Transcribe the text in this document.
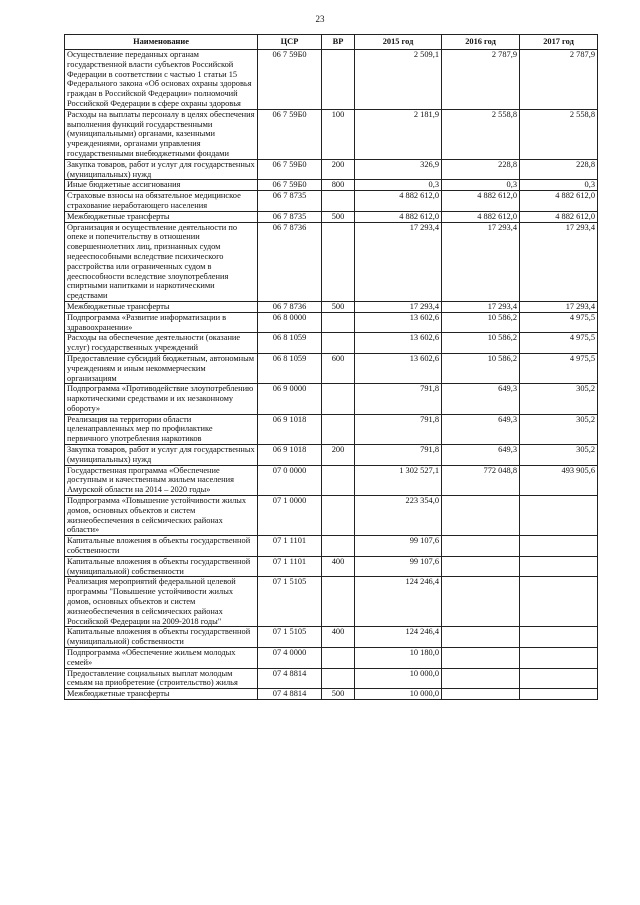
23
Наименование	ЦСР	ВР	2015 год	2016 год	2017 год
Осуществление переданных органам государственной власти субъектов Российской Федерации в соответствии с частью 1 статьи 15 Федерального закона «Об основах охраны здоровья граждан в Российской Федерации» полномочий Российской Федерации в сфере охраны здоровья	06 7 59Б0		2 509,1	2 787,9	2 787,9
Расходы на выплаты персоналу в целях обеспечения выполнения функций государственными (муниципальными) органами, казенными учреждениями, органами управления государственными внебюджетными фондами	06 7 59Б0	100	2 181,9	2 558,8	2 558,8
Закупка товаров, работ и услуг для государственных (муниципальных) нужд	06 7 59Б0	200	326,9	228,8	228,8
Иные бюджетные ассигнования	06 7 59Б0	800	0,3	0,3	0,3
Страховые взносы на обязательное медицинское страхование неработающего населения	06 7 8735		4 882 612,0	4 882 612,0	4 882 612,0
Межбюджетные трансферты	06 7 8735	500	4 882 612,0	4 882 612,0	4 882 612,0
Организация и осуществление деятельности по опеке и попечительству в отношении совершеннолетних лиц, признанных судом недееспособными вследствие психического расстройства или ограниченных судом в дееспособности вследствие злоупотребления спиртными напитками и наркотическими средствами	06 7 8736		17 293,4	17 293,4	17 293,4
Межбюджетные трансферты	06 7 8736	500	17 293,4	17 293,4	17 293,4
Подпрограмма «Развитие информатизации в здравоохранении»	06 8 0000		13 602,6	10 586,2	4 975,5
Расходы на обеспечение деятельности (оказание услуг) государственных учреждений	06 8 1059		13 602,6	10 586,2	4 975,5
Предоставление субсидий бюджетным, автономным учреждениям и иным некоммерческим организациям	06 8 1059	600	13 602,6	10 586,2	4 975,5
Подпрограмма «Противодействие злоупотреблению наркотическими средствами и их незаконному обороту»	06 9 0000		791,8	649,3	305,2
Реализация на территории области целенаправленных мер по профилактике первичного употребления наркотиков	06 9 1018		791,8	649,3	305,2
Закупка товаров, работ и услуг для государственных (муниципальных) нужд	06 9 1018	200	791,8	649,3	305,2
Государственная программа «Обеспечение доступным и качественным жильем населения Амурской области на 2014 – 2020 годы»	07 0 0000		1 302 527,1	772 048,8	493 905,6
Подпрограмма «Повышение устойчивости жилых домов, основных объектов и систем жизнеобеспечения в сейсмических районах области»	07 1 0000		223 354,0		
Капитальные вложения в объекты государственной собственности	07 1 1101		99 107,6		
Капитальные вложения в объекты государственной (муниципальной) собственности	07 1 1101	400	99 107,6		
Реализация мероприятий федеральной целевой программы "Повышение устойчивости жилых домов, основных объектов и систем жизнеобеспечения в сейсмических районах Российской Федерации на 2009-2018 годы"	07 1 5105		124 246,4		
Капитальные вложения в объекты государственной (муниципальной) собственности	07 1 5105	400	124 246,4		
Подпрограмма «Обеспечение жильем молодых семей»	07 4 0000		10 180,0		
Предоставление социальных выплат молодым семьям на приобретение (строительство) жилья	07 4 8814		10 000,0		
Межбюджетные трансферты	07 4 8814	500	10 000,0		
